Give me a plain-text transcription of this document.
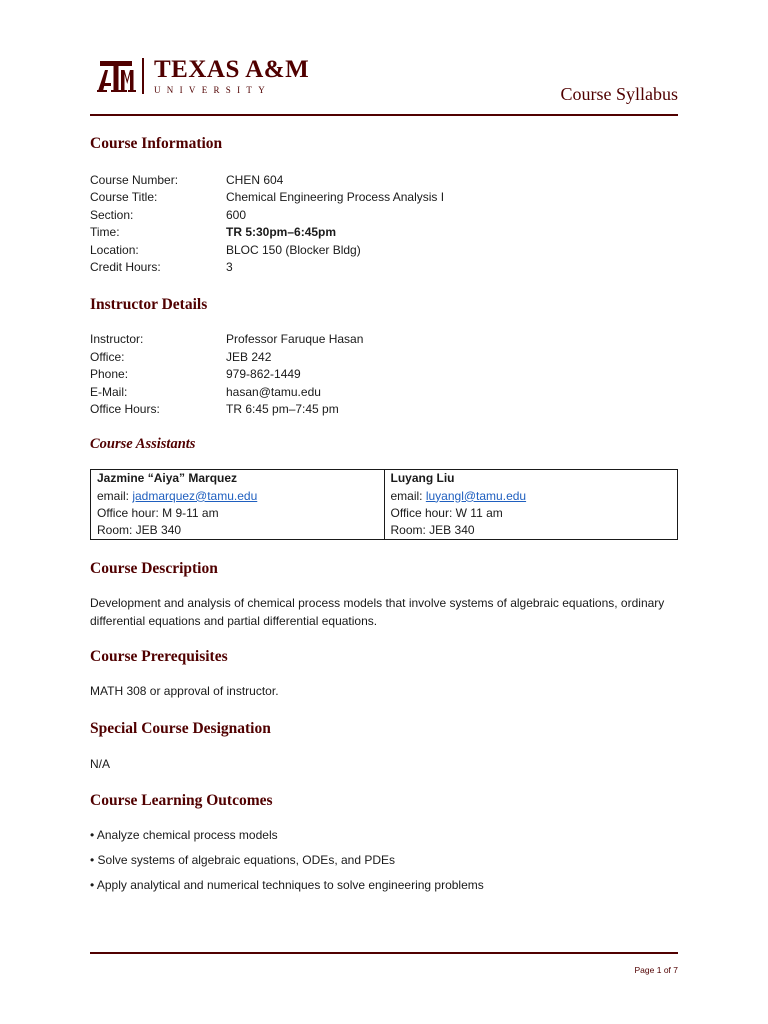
TEXAS A&M
UNIVERSITY	Course Syllabus
Course Information
Course Number:	CHEN 604
Course Title:	Chemical Engineering Process Analysis I
Section:	600
Time:	TR 5:30pm–6:45pm
Location:	BLOC 150 (Blocker Bldg)
Credit Hours:	3
Instructor Details
Instructor:	Professor Faruque Hasan
Office:	JEB 242
Phone:	979-862-1449
E-Mail:	hasan@tamu.edu
Office Hours:	TR 6:45 pm–7:45 pm
Course Assistants
Jazmine “Aiya” Marquez
email: jadmarquez@tamu.edu
Office hour: M 9-11 am
Room: JEB 340

Luyang Liu
email: luyangl@tamu.edu
Office hour: W 11 am
Room: JEB 340
Course Description

Development and analysis of chemical process models that involve systems of algebraic equations, ordinary differential equations and partial differential equations.

Course Prerequisites

MATH 308 or approval of instructor.

Special Course Designation

N/A

Course Learning Outcomes

• Analyze chemical process models

• Solve systems of algebraic equations, ODEs, and PDEs

• Apply analytical and numerical techniques to solve engineering problems

Page 1 of 7
